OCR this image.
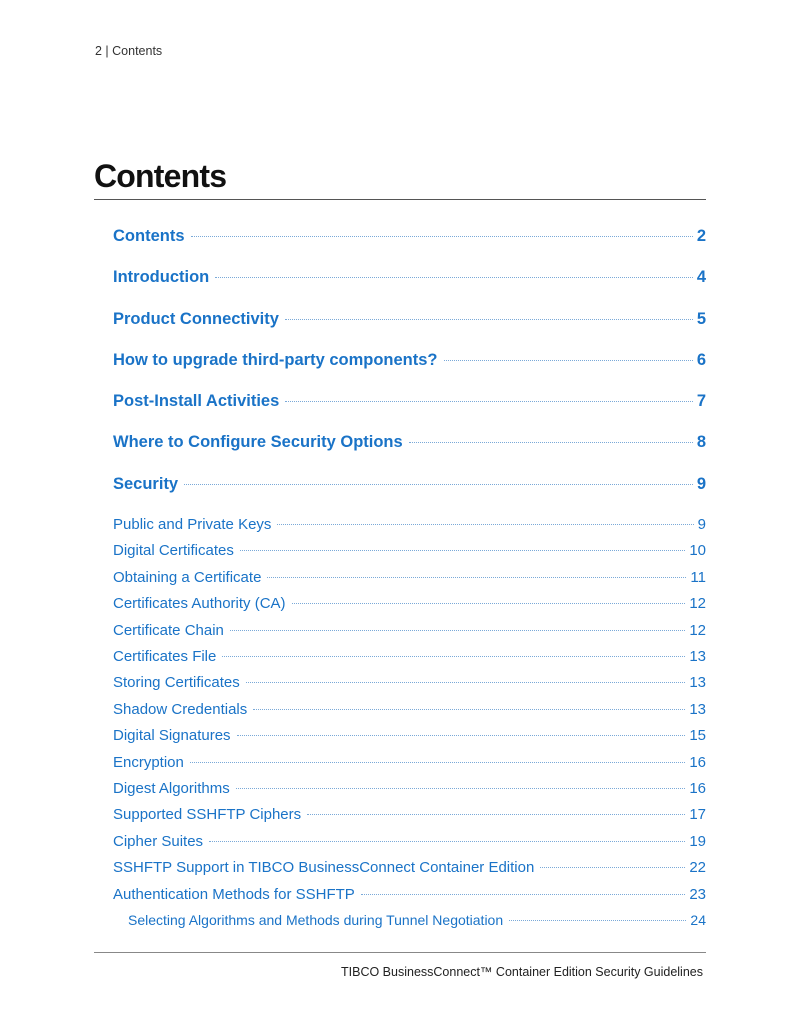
2 | Contents
Contents
Contents	2
Introduction	4
Product Connectivity	5
How to upgrade third-party components?	6
Post-Install Activities	7
Where to Configure Security Options	8
Security	9
Public and Private Keys	9
Digital Certificates	10
Obtaining a Certificate	11
Certificates Authority (CA)	12
Certificate Chain	12
Certificates File	13
Storing Certificates	13
Shadow Credentials	13
Digital Signatures	15
Encryption	16
Digest Algorithms	16
Supported SSHFTP Ciphers	17
Cipher Suites	19
SSHFTP Support in TIBCO BusinessConnect Container Edition	22
Authentication Methods for SSHFTP	23
Selecting Algorithms and Methods during Tunnel Negotiation	24
TIBCO BusinessConnect™ Container Edition Security Guidelines
